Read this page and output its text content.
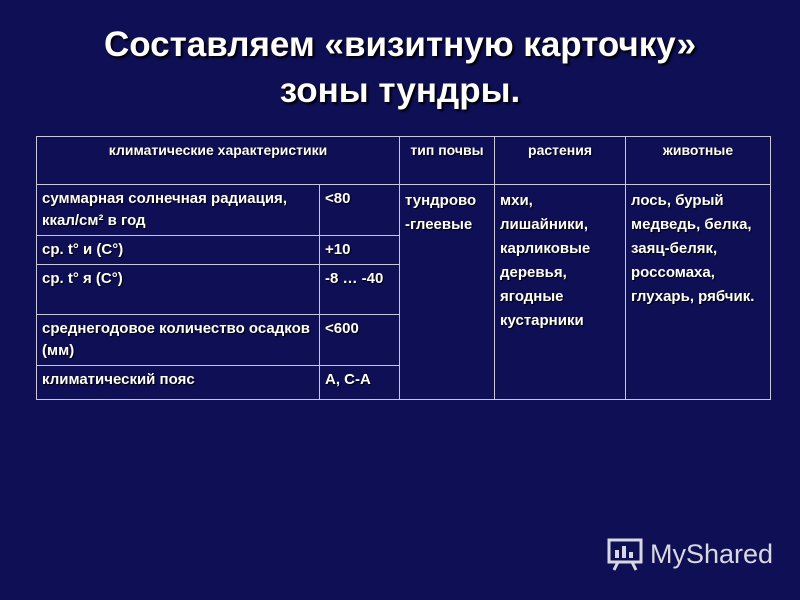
Составляем «визитную карточку»
зоны тундры.
климатические характеристики		тип почвы	растения	животные
суммарная солнечная радиация, ккал/см² в год	<80	тундрово -глеевые	мхи, лишайники, карликовые деревья, ягодные кустарники	лось, бурый медведь, белка, заяц-беляк, россомаха, глухарь, рябчик.
ср. t° и (C°)	+10			
ср. t° я (C°)	-8 … -40			
среднегодовое количество осадков (мм)	<600			
климатический пояс	А, С-А			
MyShared
